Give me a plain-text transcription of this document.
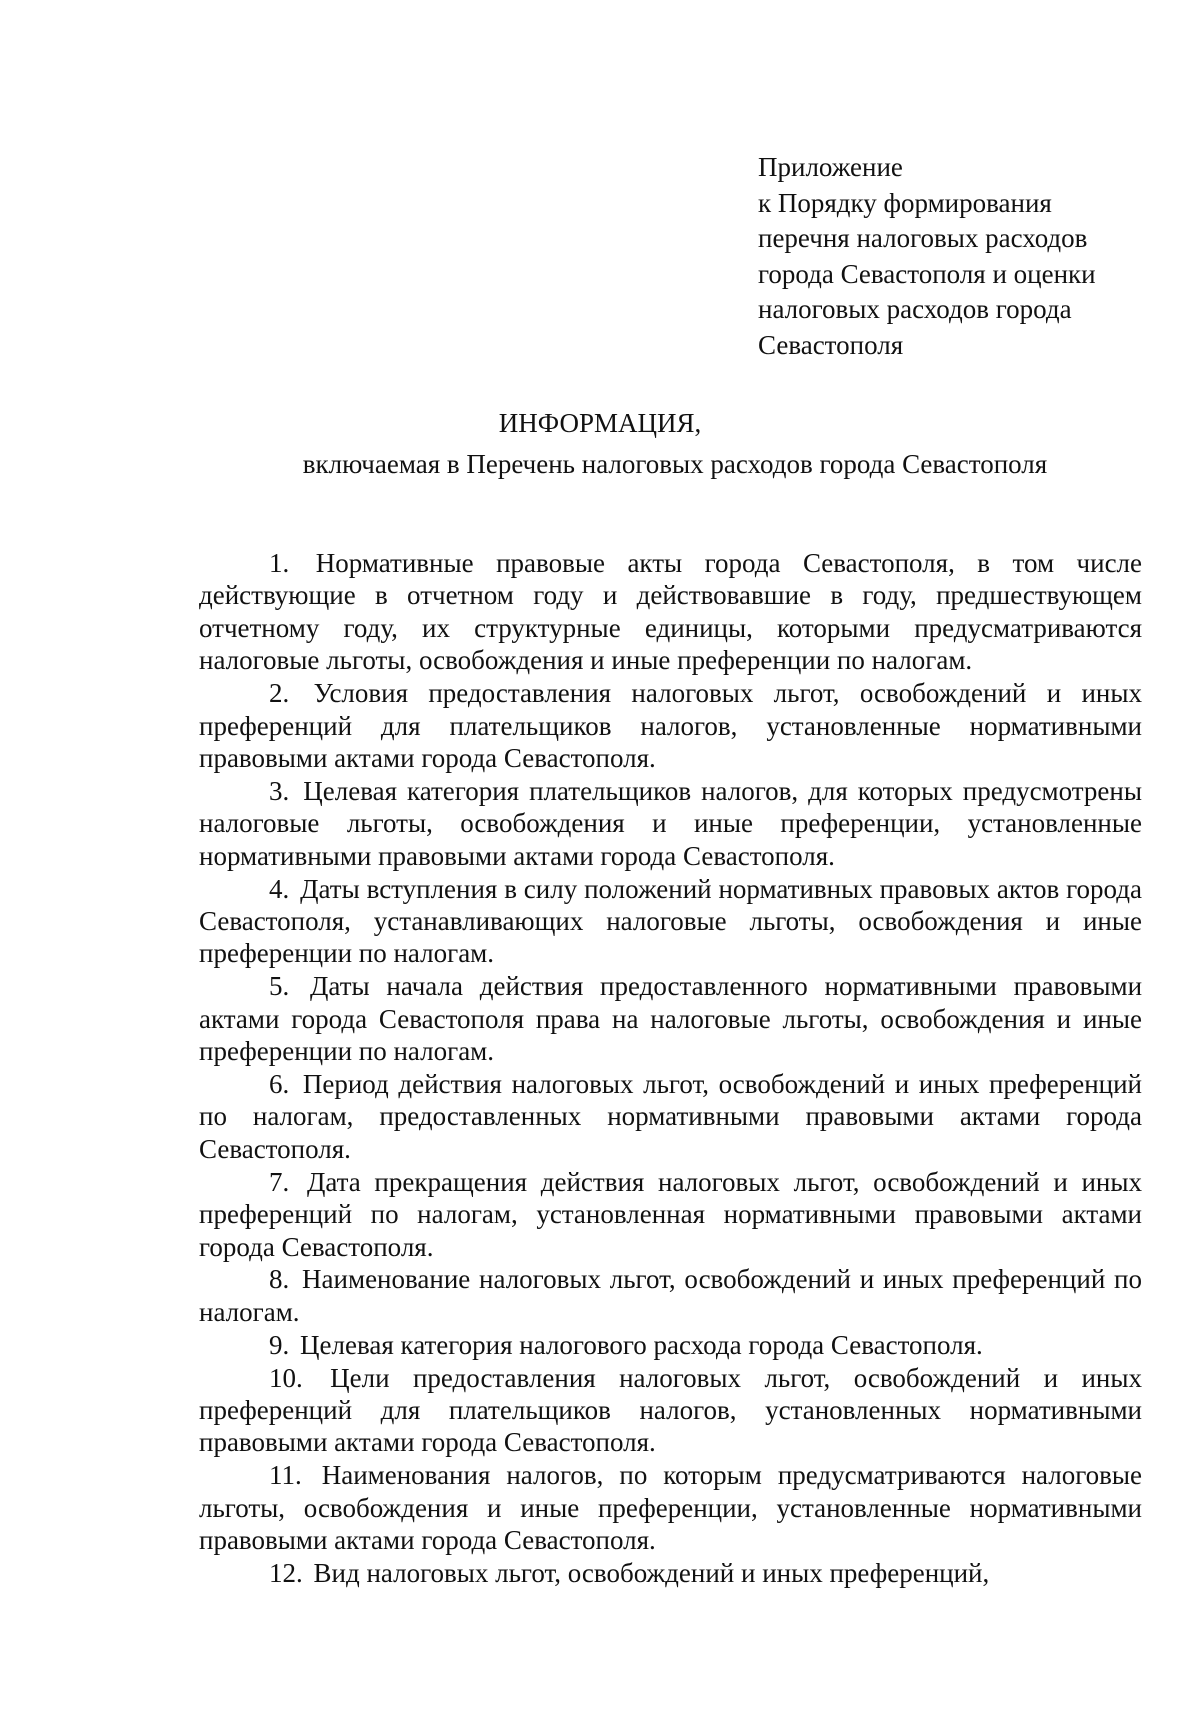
Приложение
к Порядку формирования
перечня налоговых расходов
города Севастополя и оценки
налоговых расходов города
Севастополя
ИНФОРМАЦИЯ,
включаемая в Перечень налоговых расходов города Севастополя

1. Нормативные правовые акты города Севастополя, в том числе действующие в отчетном году и действовавшие в году, предшествующем отчетному году, их структурные единицы, которыми предусматриваются налоговые льготы, освобождения и иные преференции по налогам.

2. Условия предоставления налоговых льгот, освобождений и иных преференций для плательщиков налогов, установленные нормативными правовыми актами города Севастополя.

3. Целевая категория плательщиков налогов, для которых предусмотрены налоговые льготы, освобождения и иные преференции, установленные нормативными правовыми актами города Севастополя.

4. Даты вступления в силу положений нормативных правовых актов города Севастополя, устанавливающих налоговые льготы, освобождения и иные преференции по налогам.

5. Даты начала действия предоставленного нормативными правовыми актами города Севастополя права на налоговые льготы, освобождения и иные преференции по налогам.

6. Период действия налоговых льгот, освобождений и иных преференций по налогам, предоставленных нормативными правовыми актами города Севастополя.

7. Дата прекращения действия налоговых льгот, освобождений и иных преференций по налогам, установленная нормативными правовыми актами города Севастополя.

8. Наименование налоговых льгот, освобождений и иных преференций по налогам.

9. Целевая категория налогового расхода города Севастополя.

10. Цели предоставления налоговых льгот, освобождений и иных преференций для плательщиков налогов, установленных нормативными правовыми актами города Севастополя.

11. Наименования налогов, по которым предусматриваются налоговые льготы, освобождения и иные преференции, установленные нормативными правовыми актами города Севастополя.

12. Вид налоговых льгот, освобождений и иных преференций,
